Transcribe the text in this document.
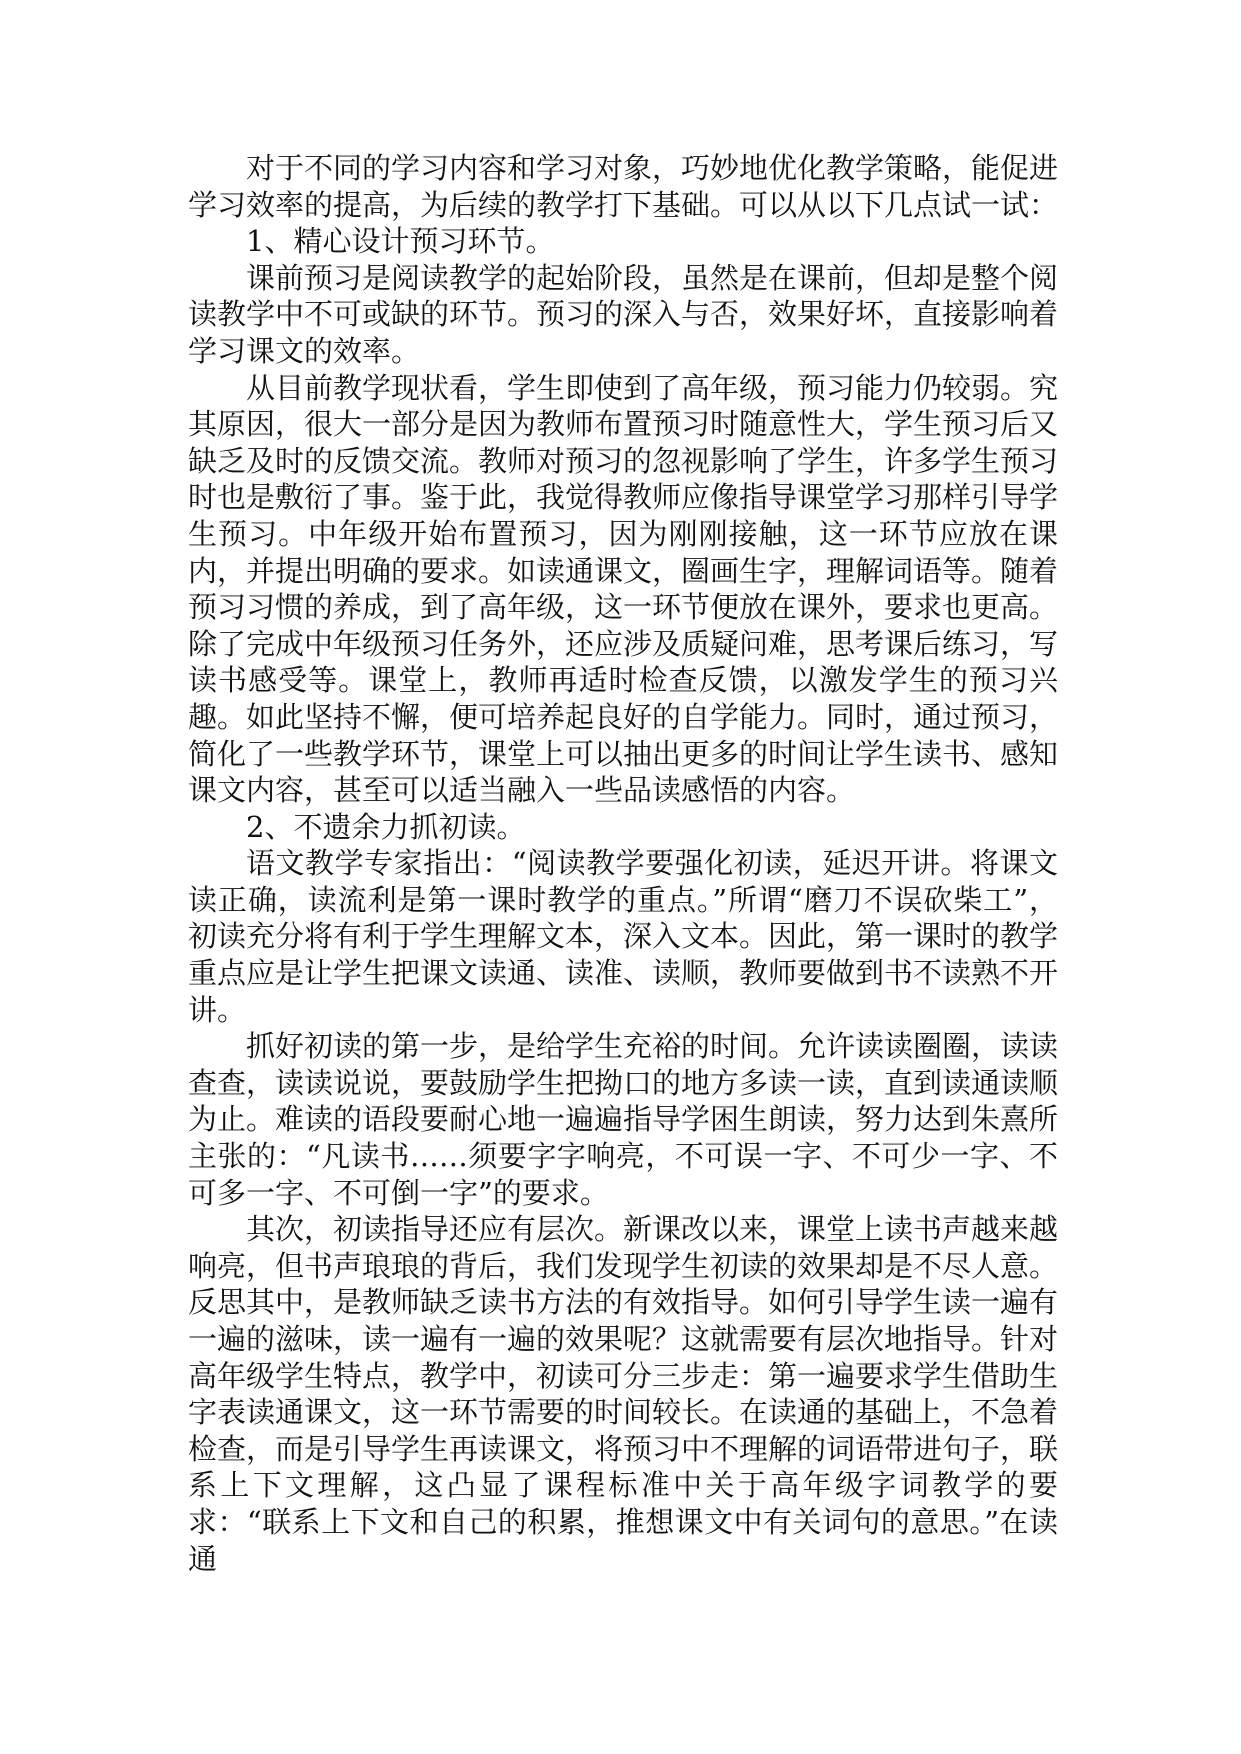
对于不同的学习内容和学习对象，巧妙地优化教学策略，能促进学习效率的提高，为后续的教学打下基础。可以从以下几点试一试：

1、精心设计预习环节。

课前预习是阅读教学的起始阶段，虽然是在课前，但却是整个阅读教学中不可或缺的环节。预习的深入与否，效果好坏，直接影响着学习课文的效率。

从目前教学现状看，学生即使到了高年级，预习能力仍较弱。究其原因，很大一部分是因为教师布置预习时随意性大，学生预习后又缺乏及时的反馈交流。教师对预习的忽视影响了学生，许多学生预习时也是敷衍了事。鉴于此，我觉得教师应像指导课堂学习那样引导学生预习。中年级开始布置预习，因为刚刚接触，这一环节应放在课内，并提出明确的要求。如读通课文，圈画生字，理解词语等。随着预习习惯的养成，到了高年级，这一环节便放在课外，要求也更高。除了完成中年级预习任务外，还应涉及质疑问难，思考课后练习，写读书感受等。课堂上，教师再适时检查反馈，以激发学生的预习兴趣。如此坚持不懈，便可培养起良好的自学能力。同时，通过预习，简化了一些教学环节，课堂上可以抽出更多的时间让学生读书、感知课文内容，甚至可以适当融入一些品读感悟的内容。

2、不遗余力抓初读。

语文教学专家指出：“阅读教学要强化初读，延迟开讲。将课文读正确，读流利是第一课时教学的重点。”所谓“磨刀不误砍柴工”，初读充分将有利于学生理解文本，深入文本。因此，第一课时的教学重点应是让学生把课文读通、读准、读顺，教师要做到书不读熟不开讲。

抓好初读的第一步，是给学生充裕的时间。允许读读圈圈，读读查查，读读说说，要鼓励学生把拗口的地方多读一读，直到读通读顺为止。难读的语段要耐心地一遍遍指导学困生朗读，努力达到朱熹所主张的：“凡读书……须要字字响亮，不可误一字、不可少一字、不可多一字、不可倒一字”的要求。

其次，初读指导还应有层次。新课改以来，课堂上读书声越来越响亮，但书声琅琅的背后，我们发现学生初读的效果却是不尽人意。反思其中，是教师缺乏读书方法的有效指导。如何引导学生读一遍有一遍的滋味，读一遍有一遍的效果呢？这就需要有层次地指导。针对高年级学生特点，教学中，初读可分三步走：第一遍要求学生借助生字表读通课文，这一环节需要的时间较长。在读通的基础上，不急着检查，而是引导学生再读课文，将预习中不理解的词语带进句子，联系上下文理解，这凸显了课程标准中关于高年级字词教学的要求：“联系上下文和自己的积累，推想课文中有关词句的意思。”在读通
